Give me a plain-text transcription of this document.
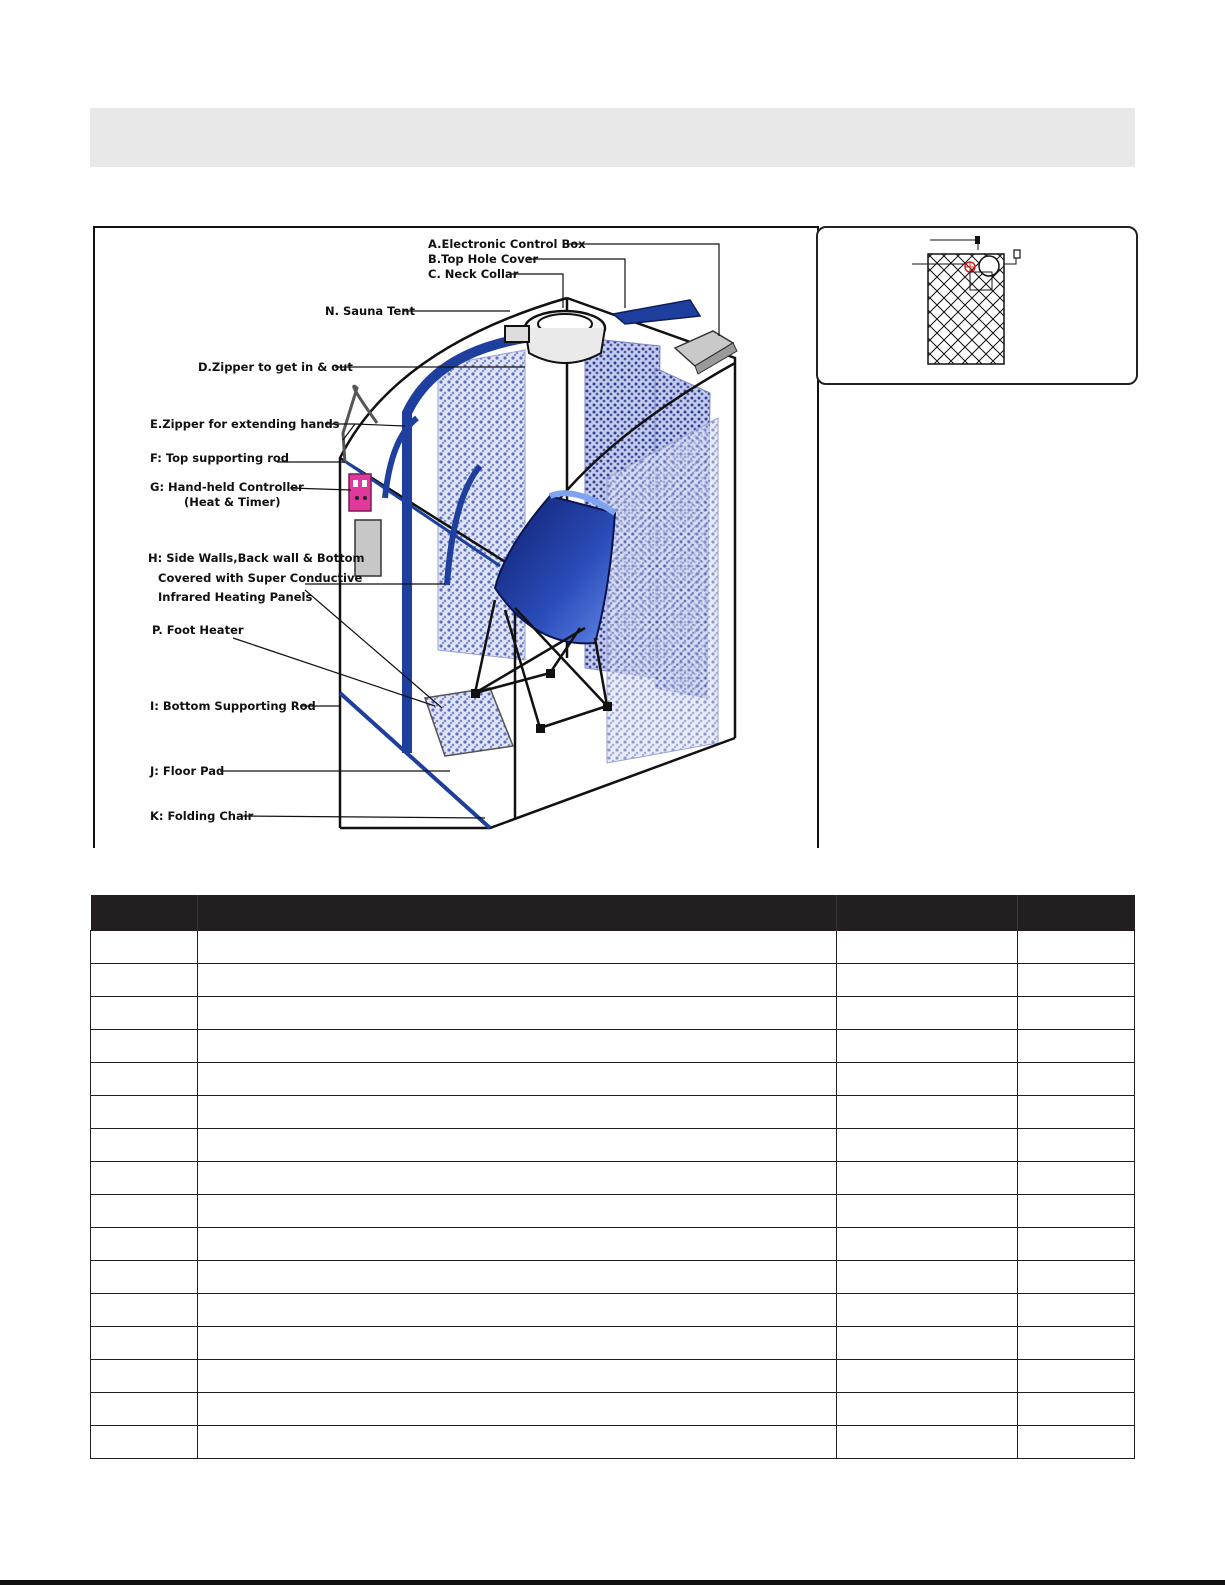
A.Electronic Control Box
B.Top Hole Cover
C. Neck Collar
N. Sauna Tent
D.Zipper to get in & out
E.Zipper for extending hands
F: Top supporting rod
G: Hand-held Controller
(Heat & Timer)
H: Side Walls,Back wall & Bottom
Covered with Super Conductive
Infrared Heating Panels
P. Foot Heater
I: Bottom Supporting Rod
J: Floor Pad
K: Folding Chair
